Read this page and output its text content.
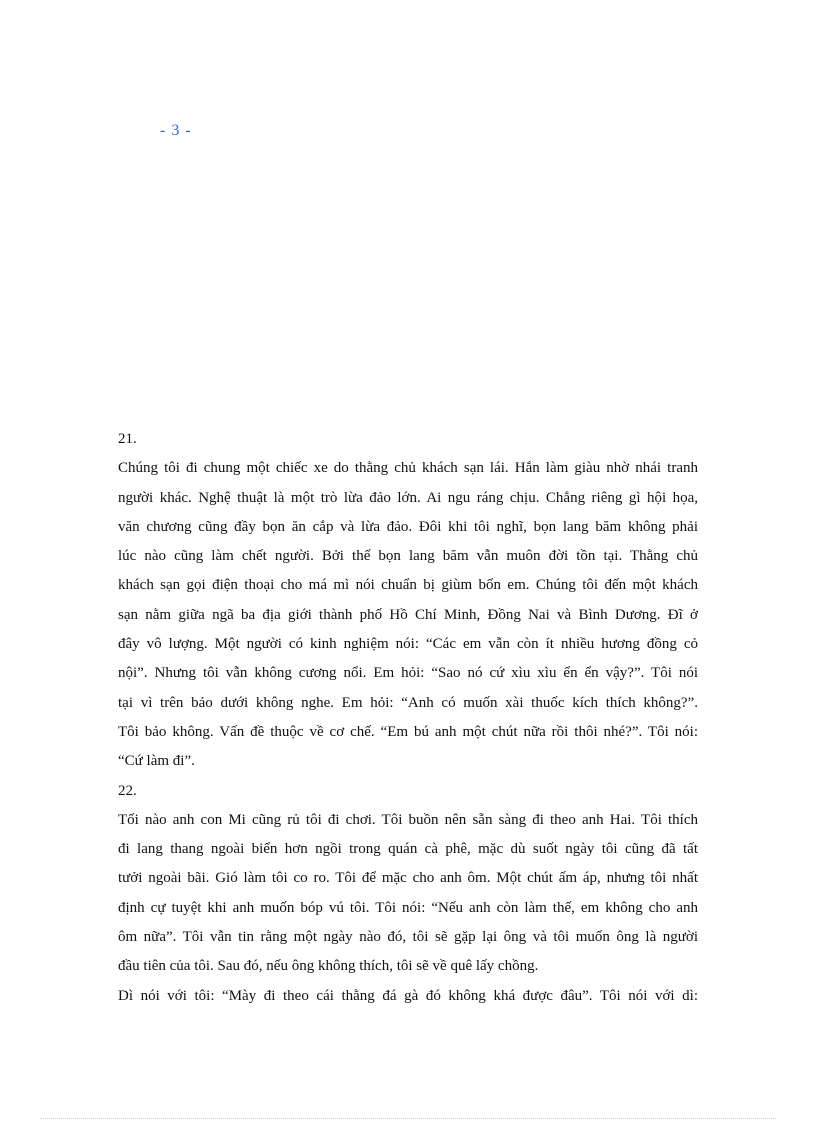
- 3 -
21.
Chúng tôi đi chung một chiếc xe do thằng chủ khách sạn lái. Hắn làm giàu nhờ nhái tranh
người khác. Nghệ thuật là một trò lừa đảo lớn. Ai ngu ráng chịu. Chẳng riêng gì hội họa,
văn chương cũng đầy bọn ăn cắp và lừa đảo. Đôi khi tôi nghĩ, bọn lang băm không phải
lúc nào cũng làm chết người. Bởi thế bọn lang băm vẫn muôn đời tồn tại. Thằng chủ
khách sạn gọi điện thoại cho má mì nói chuẩn bị giùm bốn em. Chúng tôi đến một khách
sạn nằm giữa ngã ba địa giới thành phố Hồ Chí Minh, Đồng Nai và Bình Dương. Đĩ ở
đây vô lượng. Một người có kinh nghiệm nói: “Các em vẫn còn ít nhiều hương đồng cỏ
nội”. Nhưng tôi vẫn không cương nổi. Em hỏi: “Sao nó cứ xìu xìu ển ển vậy?”. Tôi nói
tại vì trên bảo dưới không nghe. Em hỏi: “Anh có muốn xài thuốc kích thích không?”.
Tôi bảo không. Vấn đề thuộc về cơ chế. “Em bú anh một chút nữa rồi thôi nhé?”. Tôi nói:
“Cứ làm đi”.
22.
Tối nào anh con Mi cũng rủ tôi đi chơi. Tôi buồn nên sẵn sàng đi theo anh Hai. Tôi thích
đi lang thang ngoài biển hơn ngồi trong quán cà phê, mặc dù suốt ngày tôi cũng đã tất
tưởi ngoài bãi. Gió làm tôi co ro. Tôi để mặc cho anh ôm. Một chút ấm áp, nhưng tôi nhất
định cự tuyệt khi anh muốn bóp vú tôi. Tôi nói: “Nếu anh còn làm thế, em không cho anh
ôm nữa”. Tôi vẫn tin rằng một ngày nào đó, tôi sẽ gặp lại ông và tôi muốn ông là người
đầu tiên của tôi. Sau đó, nếu ông không thích, tôi sẽ về quê lấy chồng.
Dì nói với tôi: “Mày đi theo cái thằng đá gà đó không khá được đâu”. Tôi nói với dì:
